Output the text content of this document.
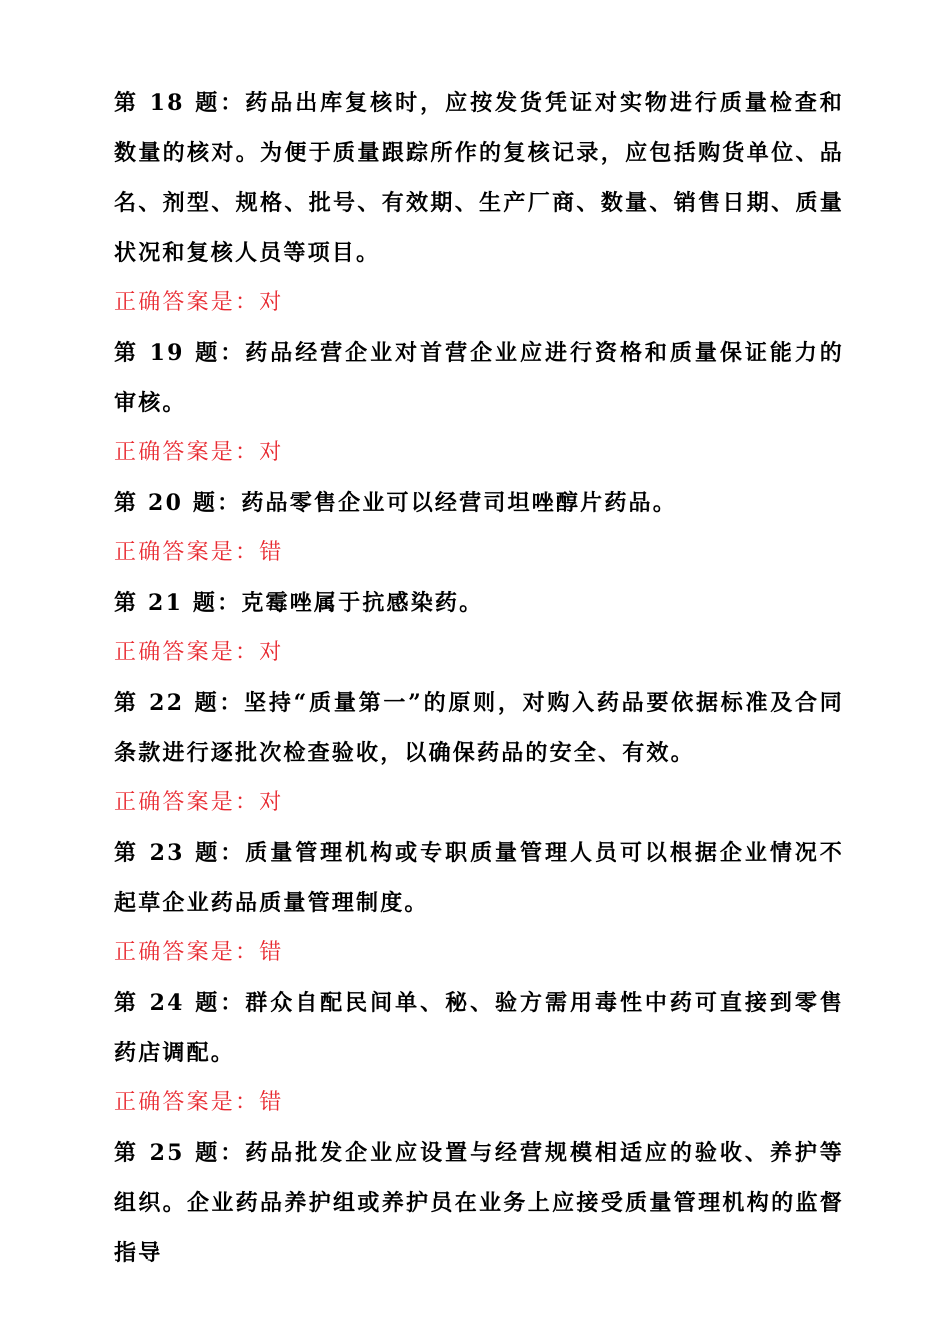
第 18 题：药品出库复核时，应按发货凭证对实物进行质量检查和数量的核对。为便于质量跟踪所作的复核记录，应包括购货单位、品名、剂型、规格、批号、有效期、生产厂商、数量、销售日期、质量状况和复核人员等项目。

正确答案是：对

第 19 题：药品经营企业对首营企业应进行资格和质量保证能力的审核。

正确答案是：对

第 20 题：药品零售企业可以经营司坦唑醇片药品。

正确答案是：错

第 21 题：克霉唑属于抗感染药。

正确答案是：对

第 22 题：坚持“质量第一”的原则，对购入药品要依据标准及合同条款进行逐批次检查验收，以确保药品的安全、有效。

正确答案是：对

第 23 题：质量管理机构或专职质量管理人员可以根据企业情况不起草企业药品质量管理制度。

正确答案是：错

第 24 题：群众自配民间单、秘、验方需用毒性中药可直接到零售药店调配。

正确答案是：错

第 25 题：药品批发企业应设置与经营规模相适应的验收、养护等组织。企业药品养护组或养护员在业务上应接受质量管理机构的监督指导
